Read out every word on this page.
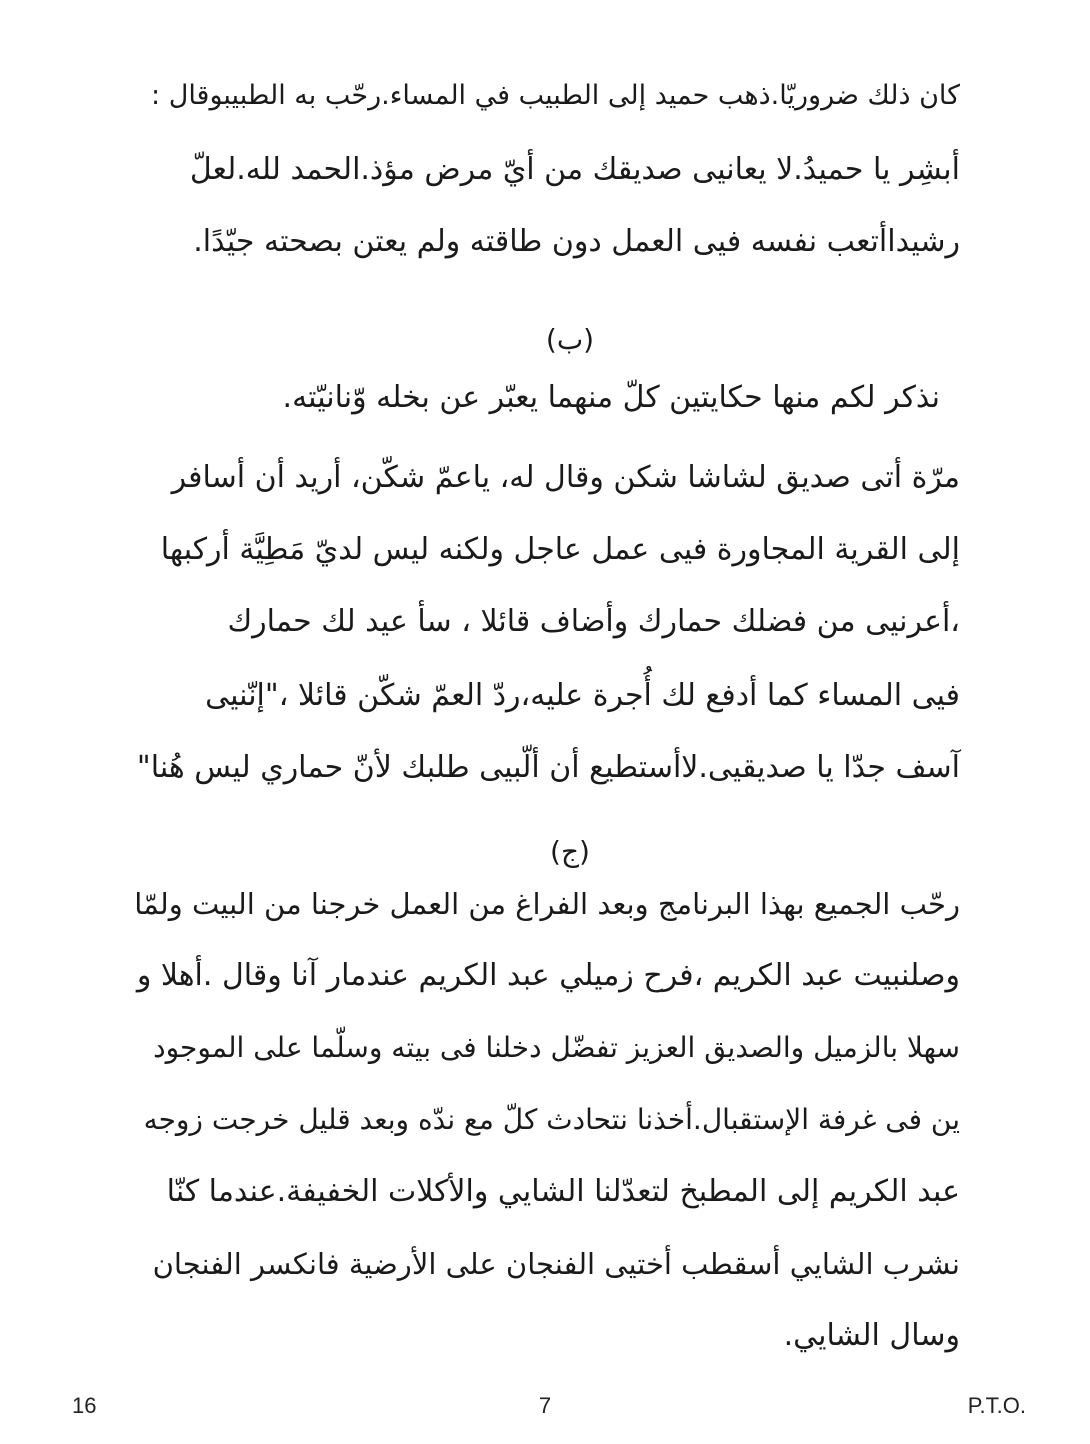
كان ذلك ضروريّا.ذهب حميد إلى الطبيب في المساء.رحّب به الطبيبوقال :
أبشِر يا حميدُ.لا يعانيى صديقك من أيّ مرض مؤذ.الحمد لله.لعلّ
رشيداأتعب نفسه فيى العمل دون طاقته ولم يعتن بصحته جيّدًا.
(ب)
نذكر لكم منها حكايتين كلّ منهما يعبّر عن بخله وّنانيّته.
مرّة أتى صديق لشاشا شكن وقال له، ياعمّ شكّن، أريد أن أسافر
إلى القرية المجاورة فيى عمل عاجل ولكنه ليس لديّ مَطِيَّة أركبها
،أعرنيى من فضلك حمارك وأضاف قائلا ، سأ عيد لك حمارك
فيى المساء كما أدفع لك أُجرة عليه،ردّ العمّ شكّن قائلا ،"إنّنيى
آسف جدّا يا صديقيى.لاأستطيع أن ألّبيى طلبك لأنّ حماري ليس هُنا"
(ج)
رحّب الجميع بهذا البرنامج وبعد الفراغ من العمل خرجنا من البيت ولمّا
وصلنبيت عبد الكريم ،فرح زميلي عبد الكريم عندمار آنا وقال .أهلا و
سهلا بالزميل والصديق العزيز تفضّل دخلنا فى بيته وسلّما على الموجود
ين فى غرفة الإستقبال.أخذنا نتحادث كلّ مع ندّه وبعد قليل خرجت زوجه
عبد الكريم إلى المطبخ لتعدّلنا الشايي والأكلات الخفيفة.عندما كنّا
نشرب الشايي أسقطب أختيى الفنجان على الأرضية فانكسر الفنجان
وسال الشايي.
16	7	P.T.O.
